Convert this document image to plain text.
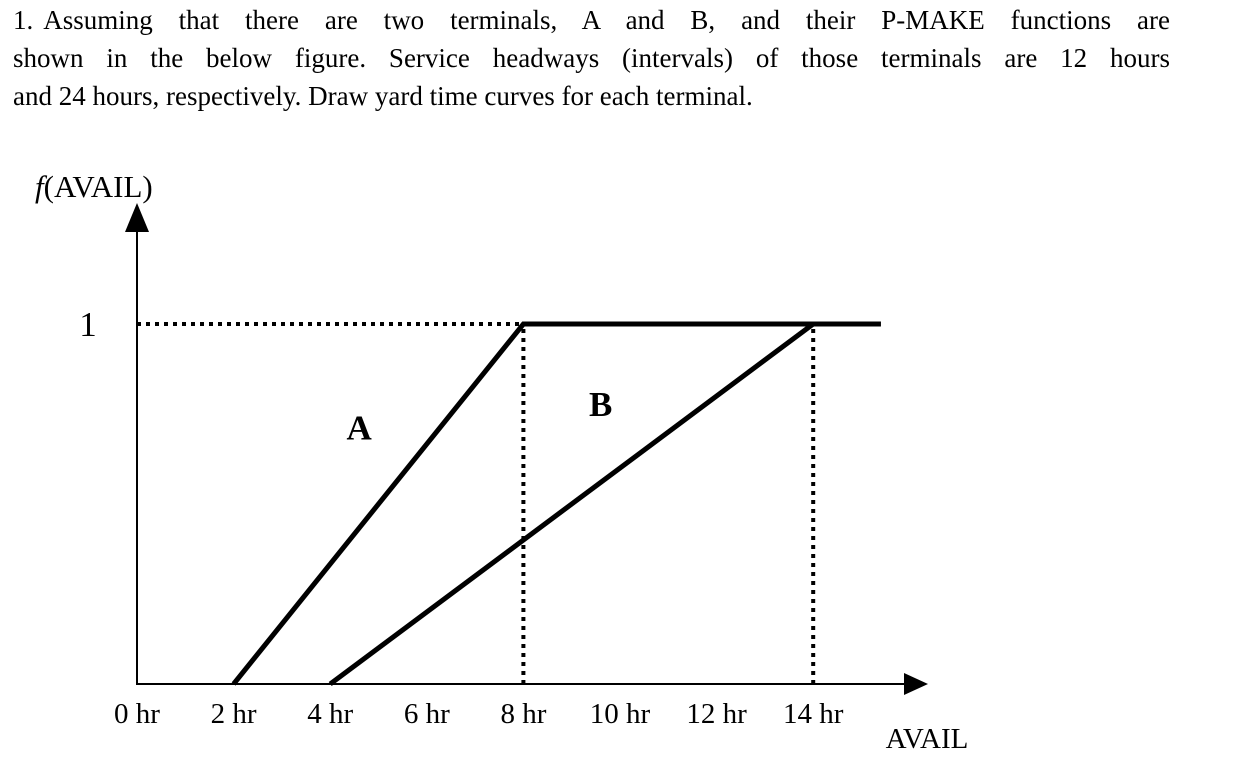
1. Assuming that there are two terminals, A and B, and their P-MAKE functions are
shown in the below figure. Service headways (intervals) of those terminals are 12 hours
and 24 hours, respectively. Draw yard time curves for each terminal.
0 hr 2 hr 4 hr 6 hr 8 hr 10 hr 12 hr 14 hr
1
A
B
f(AVAIL)
AVAIL
